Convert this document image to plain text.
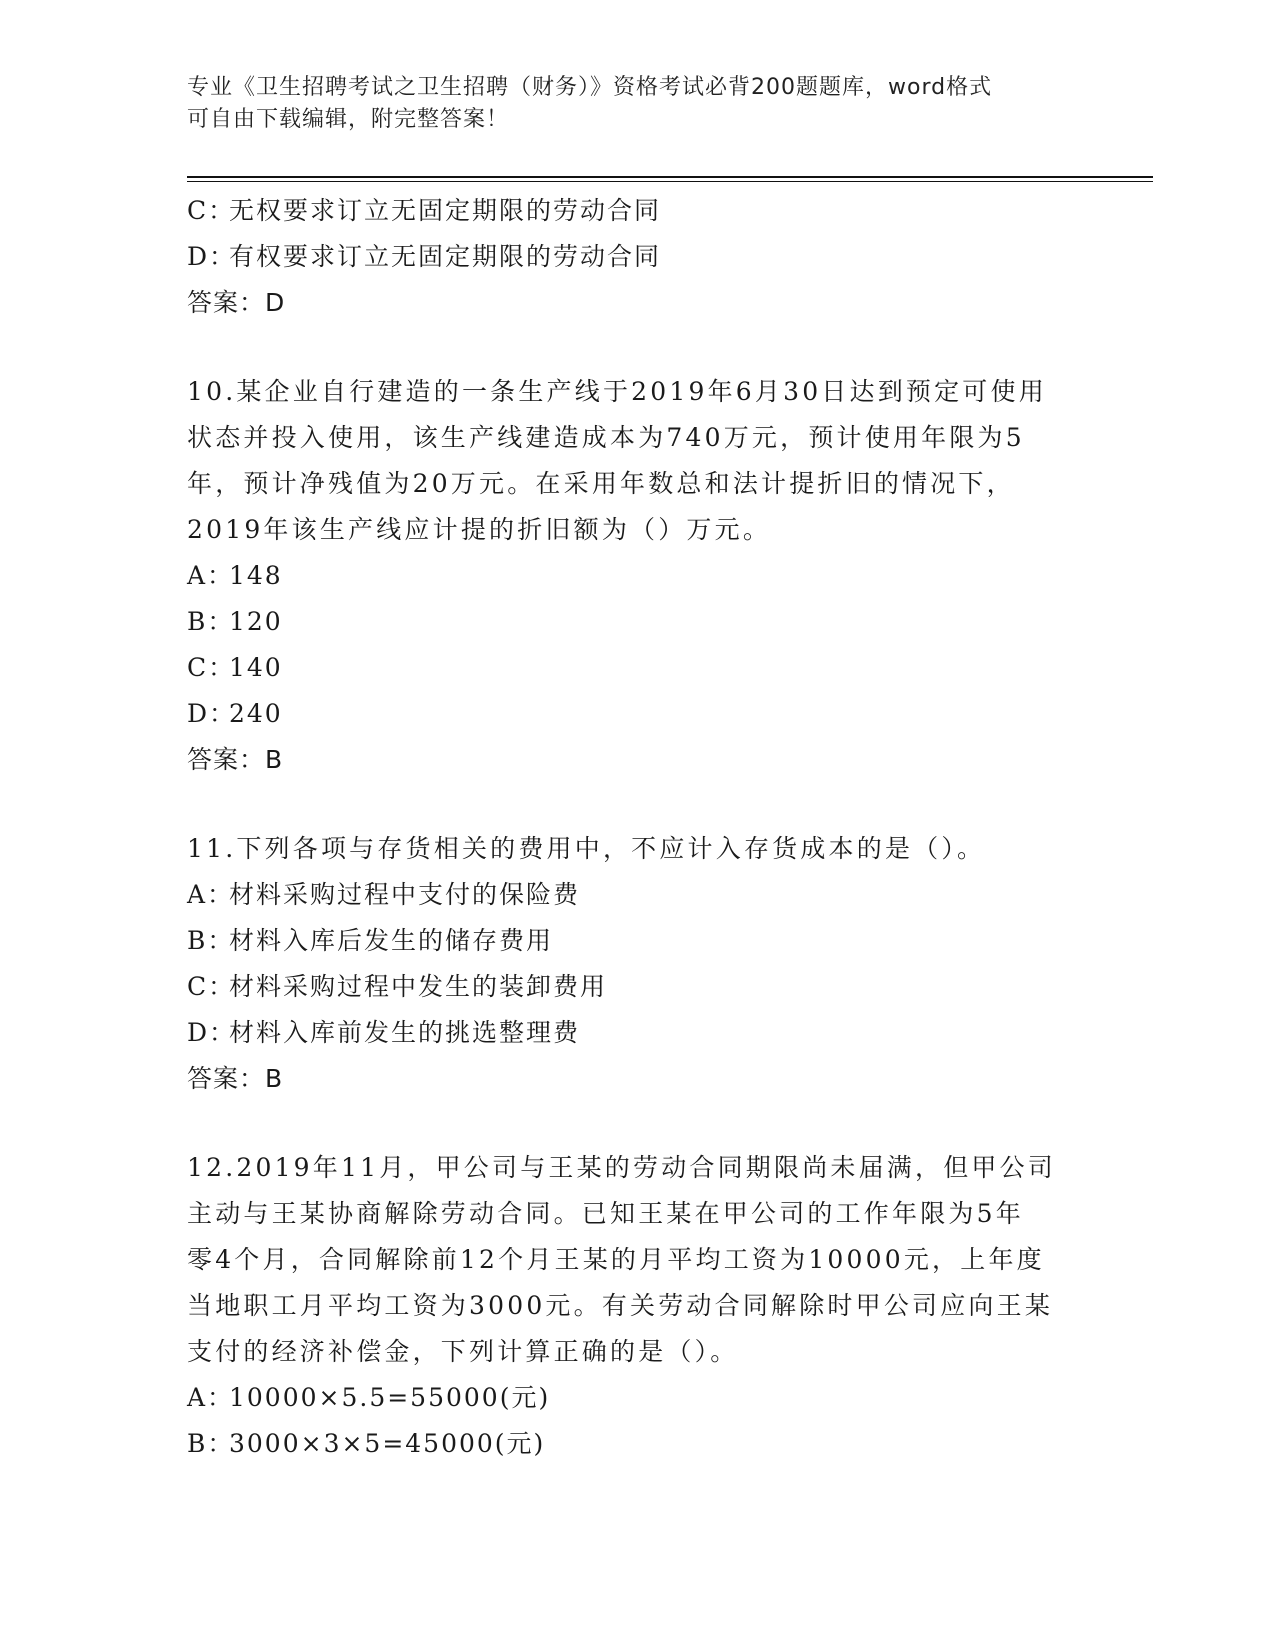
专业《卫生招聘考试之卫生招聘（财务）》资格考试必背200题题库，word格式
可自由下载编辑，附完整答案！
C：无权要求订立无固定期限的劳动合同
D：有权要求订立无固定期限的劳动合同
答案：D
10.某企业自行建造的一条生产线于2019年6月30日达到预定可使用
状态并投入使用，该生产线建造成本为740万元，预计使用年限为5
年，预计净残值为20万元。在采用年数总和法计提折旧的情况下，
2019年该生产线应计提的折旧额为（）万元。
A：148
B：120
C：140
D：240
答案：B
11.下列各项与存货相关的费用中，不应计入存货成本的是（）。
A：材料采购过程中支付的保险费
B：材料入库后发生的储存费用
C：材料采购过程中发生的装卸费用
D：材料入库前发生的挑选整理费
答案：B
12.2019年11月，甲公司与王某的劳动合同期限尚未届满，但甲公司
主动与王某协商解除劳动合同。已知王某在甲公司的工作年限为5年
零4个月，合同解除前12个月王某的月平均工资为10000元，上年度
当地职工月平均工资为3000元。有关劳动合同解除时甲公司应向王某
支付的经济补偿金，下列计算正确的是（）。
A：10000×5.5=55000(元)
B：3000×3×5=45000(元)
